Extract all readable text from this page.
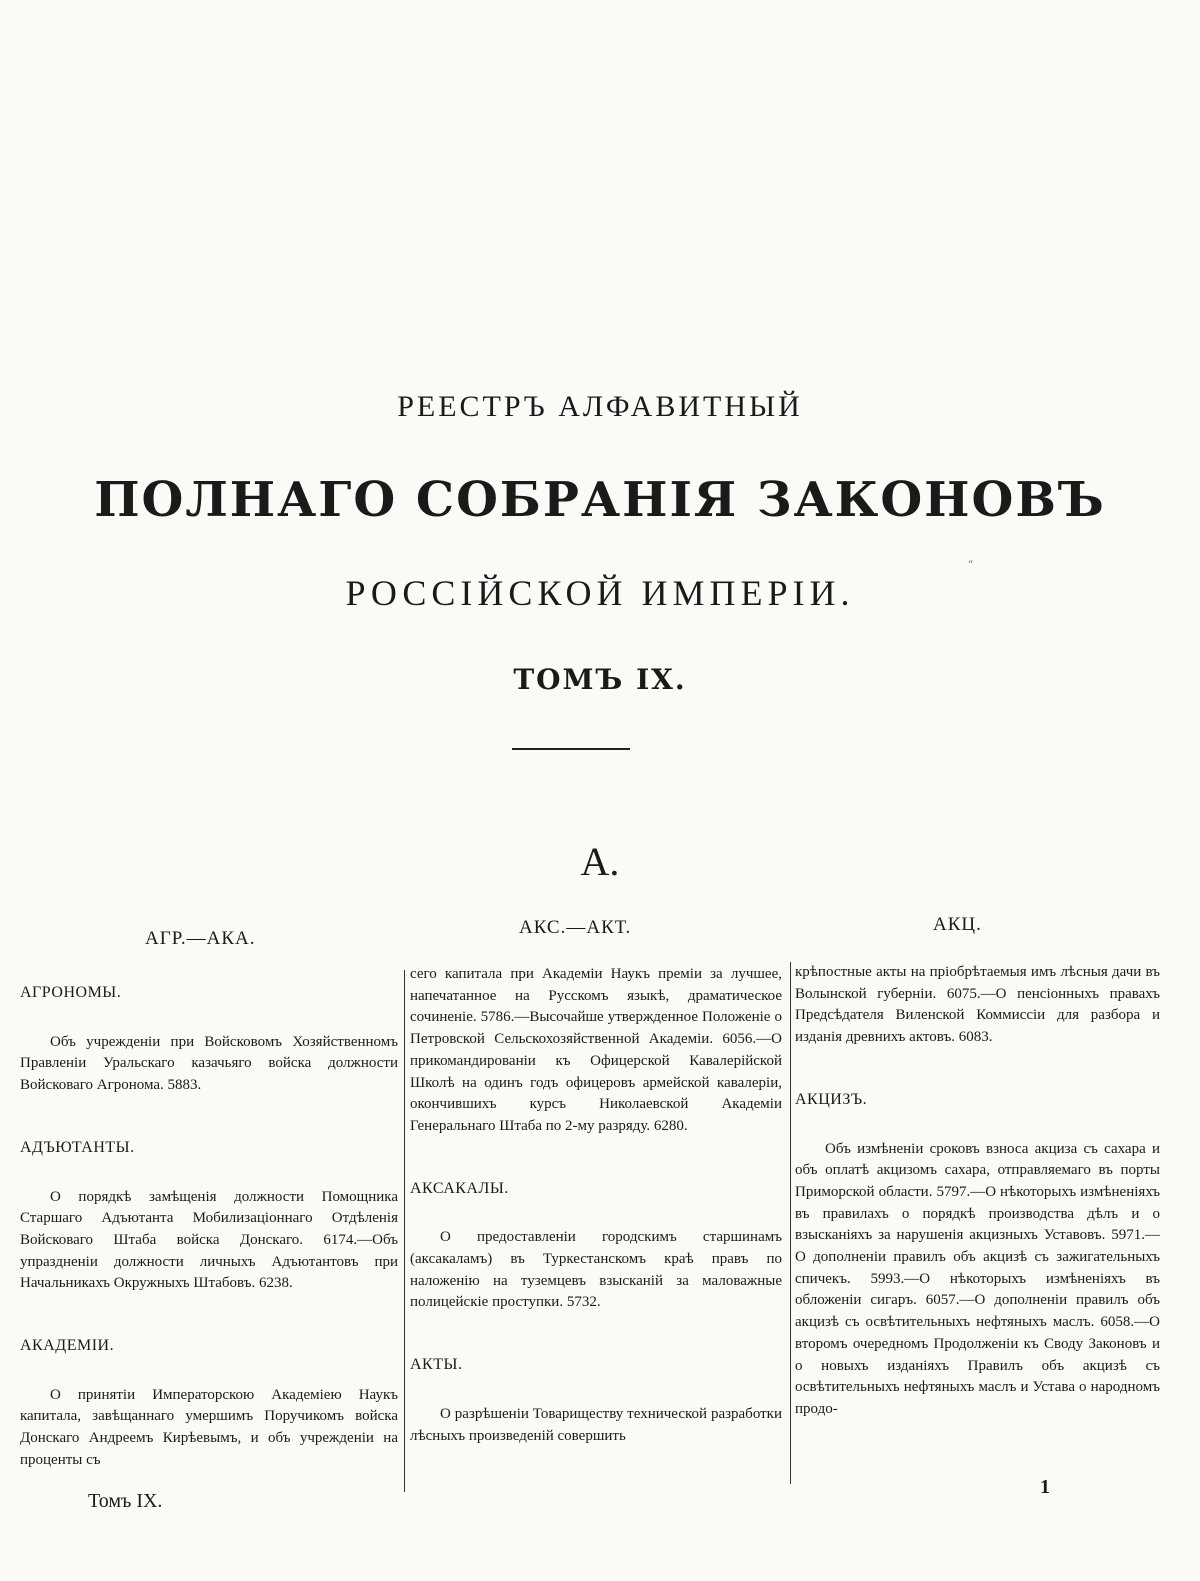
РЕЕСТРЪ АЛФАВИТНЫЙ
ПОЛНАГО СОБРАНІЯ ЗАКОНОВЪ
РОССІЙСКОЙ ИМПЕРІИ.
ТОМЪ IX.
”
А.
АГР.—АКА.
АКС.—АКТ.	АКЦ.

АГРОНОМЫ.

Объ учрежденіи при Войсковомъ Хозяйственномъ Правленіи Уральскаго казачьяго войска должности Войсковаго Агронома. 5883.

АДЪЮТАНТЫ.

О порядкѣ замѣщенія должности Помощника Старшаго Адъютанта Мобилизаціоннаго Отдѣленія Войсковаго Штаба войска Донскаго. 6174.—Объ упраздненіи должности личныхъ Адъютантовъ при Начальникахъ Окружныхъ Штабовъ. 6238.

АКАДЕМІИ.

О принятіи Императорскою Академіею Наукъ капитала, завѣщаннаго умершимъ Поручикомъ войска Донскаго Андреемъ Кирѣевымъ, и объ учрежденіи на проценты съ

сего капитала при Академіи Наукъ преміи за лучшее, напечатанное на Русскомъ языкѣ, драматическое сочиненіе. 5786.—Высочайше утвержденное Положеніе о Петровской Сельскохозяйственной Академіи. 6056.—О прикомандированіи къ Офицерской Кавалерійской Школѣ на одинъ годъ офицеровъ армейской кавалеріи, окончившихъ курсъ Николаевской Академіи Генеральнаго Штаба по 2-му разряду. 6280.

АКСАКАЛЫ.

О предоставленіи городскимъ старшинамъ (аксакаламъ) въ Туркестанскомъ краѣ правъ по наложенію на туземцевъ взысканій за маловажные полицейскіе проступки. 5732.

АКТЫ.

О разрѣшеніи Товариществу технической разработки лѣсныхъ произведеній совершить

крѣпостные акты на пріобрѣтаемыя имъ лѣсныя дачи въ Волынской губерніи. 6075.—О пенсіонныхъ правахъ Предсѣдателя Виленской Коммиссіи для разбора и изданія древнихъ актовъ. 6083.

АКЦИЗЪ.

Объ измѣненіи сроковъ взноса акциза съ сахара и объ оплатѣ акцизомъ сахара, отправляемаго въ порты Приморской области. 5797.—О нѣкоторыхъ измѣненіяхъ въ правилахъ о порядкѣ производства дѣлъ и о взысканіяхъ за нарушенія акцизныхъ Уставовъ. 5971.—О дополненіи правилъ объ акцизѣ съ зажигательныхъ спичекъ. 5993.—О нѣкоторыхъ измѣненіяхъ въ обложеніи сигаръ. 6057.—О дополненіи правилъ объ акцизѣ съ освѣтительныхъ нефтяныхъ маслъ. 6058.—О второмъ очередномъ Продолженіи къ Своду Законовъ и о новыхъ изданіяхъ Правилъ объ акцизѣ съ освѣтительныхъ нефтяныхъ маслъ и Устава о народномъ продо-

Томъ IX.
1
